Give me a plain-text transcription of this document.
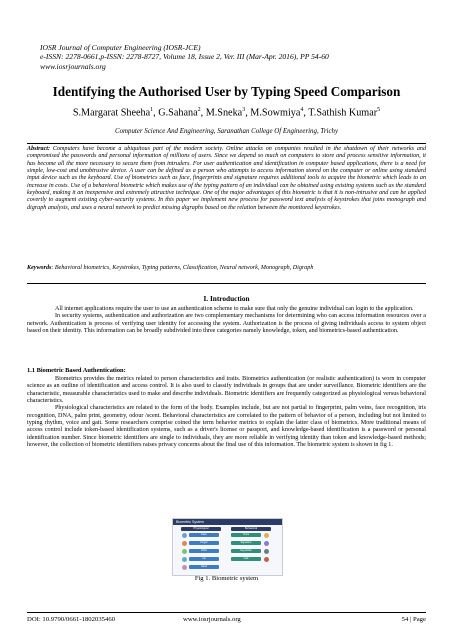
IOSR Journal of Computer Engineering (IOSR-JCE)
e-ISSN: 2278-0661,p-ISSN: 2278-8727, Volume 18, Issue 2, Ver. III (Mar-Apr. 2016), PP 54-60
www.iosrjournals.org
Identifying the Authorised User by Typing Speed Comparison
S.Margarat Sheeha$^1$, G.Sahana$^2$, M.Sneka$^3$, M.Sowmiya$^4$, T.Sathish Kumar$^5$
Computer Science And Engineering, Saranathan College Of Engineering, Trichy
Abstract: Computers have become a ubiquitous part of the modern society. Online attacks on companies resulted in the shutdown of their networks and compromised the passwords and personal information of millions of users. Since we depend so much on computers to store and process sensitive information, it has become all the more necessary to secure them from intruders. For user authentication and identification in computer based applications, there is a need for simple, low-cost and unobtrusive device. A user can be defined as a person who attempts to access information stored on the computer or online using standard input device such as the keyboard. Use of biometrics such as face, fingerprints and signature requires additional tools to acquire the biometric which leads to an increase in costs. Use of a behavioral biometric which makes use of the typing pattern of an individual can be obtained using existing systems such as the standard keyboard, making it an inexpensive and extremely attractive technique. One of the major advantages of this biometric is that it is non-intrusive and can be applied covertly to augment existing cyber-security systems. In this paper we implement new process for password text analysis of keystrokes that joins monograph and digraph analysis, and uses a neural network to predict missing digraphs based on the relation between the monitored keystrokes.
Keywords: Behavioral biometrics, Keystrokes, Typing patterns, Classification, Neural network, Monograph, Digraph
I. Introduction

All internet applications require the user to use an authentication scheme to make sure that only the genuine individual can login to the application.

In security systems, authentication and authorization are two complementary mechanisms for determining who can access information resources over a network. Authentication is process of verifying user identity for accessing the system. Authorization is the process of giving individuals access to system object based on their identity. This information can be broadly subdivided into three categories namely knowledge, token, and biometrics-based authentication.

1.1 Biometric Based Authentication:

Biometrics provides the metrics related to person characteristics and traits. Biometrics authentication (or realistic authentication) is worn in computer science as an outline of identification and access control. It is also used to classify individuals in groups that are under surveillance. Biometric identifiers are the characteristic, measurable characteristics used to make and describe individuals. Biometric identifiers are frequently categorized as physiological versus behavioral characteristics.

Physiological characteristics are related to the form of the body. Examples include, but are not partial to fingerprint, palm veins, face recognition, iris recognition, DNA, palm print, geometry, odour /scent. Behavioral characteristics are correlated to the pattern of behavior of a person, including but not limited to typing rhythm, voice and gait. Some researchers comprise coined the term behavior metrics to explain the latter class of biometrics. More traditional means of access control include token-based identification systems, such as a driver's license or passport, and knowledge-based identification is a password or personal identification number. Since biometric identifiers are single to individuals, they are more reliable in verifying identity than token and knowledge-based methods; however, the collection of biometric identifiers raises privacy concerns about the final use of this information. The biometric system is shown in fig 1.

Biometric System
Physiological	Behavioral
Face
Finger
DNA
Iris
Hand
Voice
Signature
Keystroke
Gait
Fig 1. Biometric system
DOI: 10.9790/0661-1802035460	www.iosrjournals.org	54 | Page
